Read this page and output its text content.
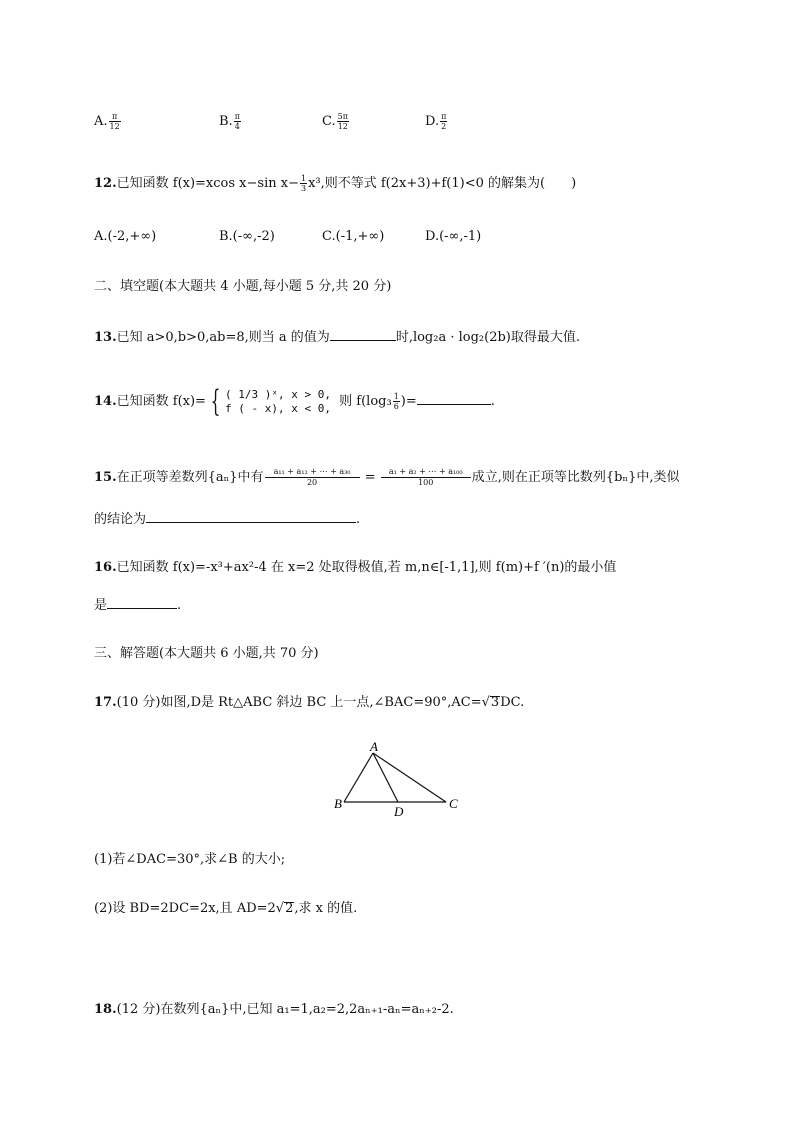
A. $\frac{\pi}{12}$	B. $\frac{\pi}{4}$	C. $\frac{5\pi}{12}$	D. $\frac{\pi}{2}$
12.已知函数 f(x)=xcos x−sin $x- \frac{1}{3} x^3$,则不等式 f(2x+3)+f(1)<0 的解集为(　　)
A.(-2,+∞)	B.(-∞,-2)	C.(-1,+∞)	D.(-∞,-1)
二、填空题(本大题共 4 小题,每小题 5 分,共 20 分)
13.已知 a>0,b>0,ab=8,则当 a 的值为	时,log₂a · log₂(2b)取得最大值.
14.已知函数 f(x)= { ( 1/3 )ˣ, x > 0,
f ( - x), x < 0, 则 $f(\log_3 \frac{1}{6}$ )=	.
15.在正项等差数列{aₙ}中有 $\frac{\text{a₁₁ + a₁₂ + ⋯ + a₃₀}}{20} = \frac{\text{a₁ + a₂ + ⋯ + a₁₀₀}}{100}$ 成立,则在正项等比数列{bₙ}中,类似
的结论为	.
16.已知函数 f(x)=-x³+ax²-4 在 x=2 处取得极值,若 m,n∈[-1,1],则 f(m)+f ′(n)的最小值
是	.
三、解答题(本大题共 6 小题,共 70 分)
17.(10 分)如图,D是 Rt△ABC 斜边 BC 上一点,∠BAC=90°,AC=√3DC.
A
B	C
D
(1)若∠DAC=30°,求∠B 的大小;
(2)设 BD=2DC=2x,且 AD=2√2,求 x 的值.
18.(12 分)在数列{aₙ}中,已知 a₁=1,a₂=2,2aₙ₊₁-aₙ=aₙ₊₂-2.
